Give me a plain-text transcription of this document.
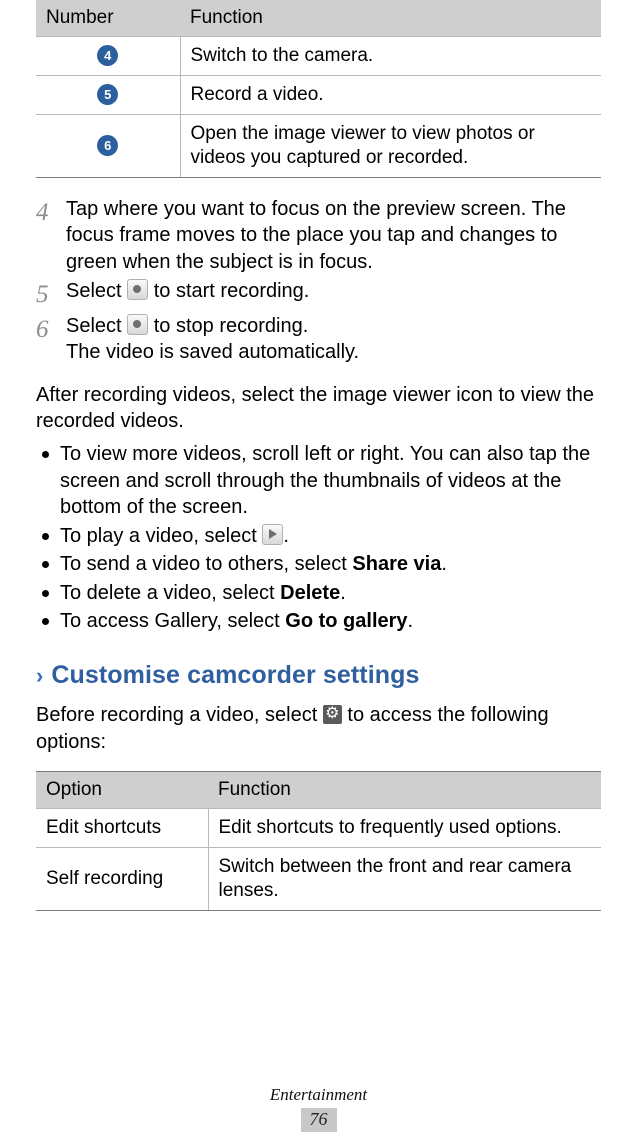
Number	Function
4	Switch to the camera.
5	Record a video.
6	Open the image viewer to view photos or videos you captured or recorded.
4 Tap where you want to focus on the preview screen. The focus frame moves to the place you tap and changes to green when the subject is in focus.
5 Select to start recording.
6 Select to stop recording.
The video is saved automatically.

After recording videos, select the image viewer icon to view the recorded videos.

To view more videos, scroll left or right. You can also tap the screen and scroll through the thumbnails of videos at the bottom of the screen.
To play a video, select .
To send a video to others, select Share via.
To delete a video, select Delete.
To access Gallery, select Go to gallery.
› Customise camcorder settings

Before recording a video, select ⚙ to access the following options:

Option	Function
Edit shortcuts	Edit shortcuts to frequently used options.
Self recording	Switch between the front and rear camera lenses.
Entertainment
76
